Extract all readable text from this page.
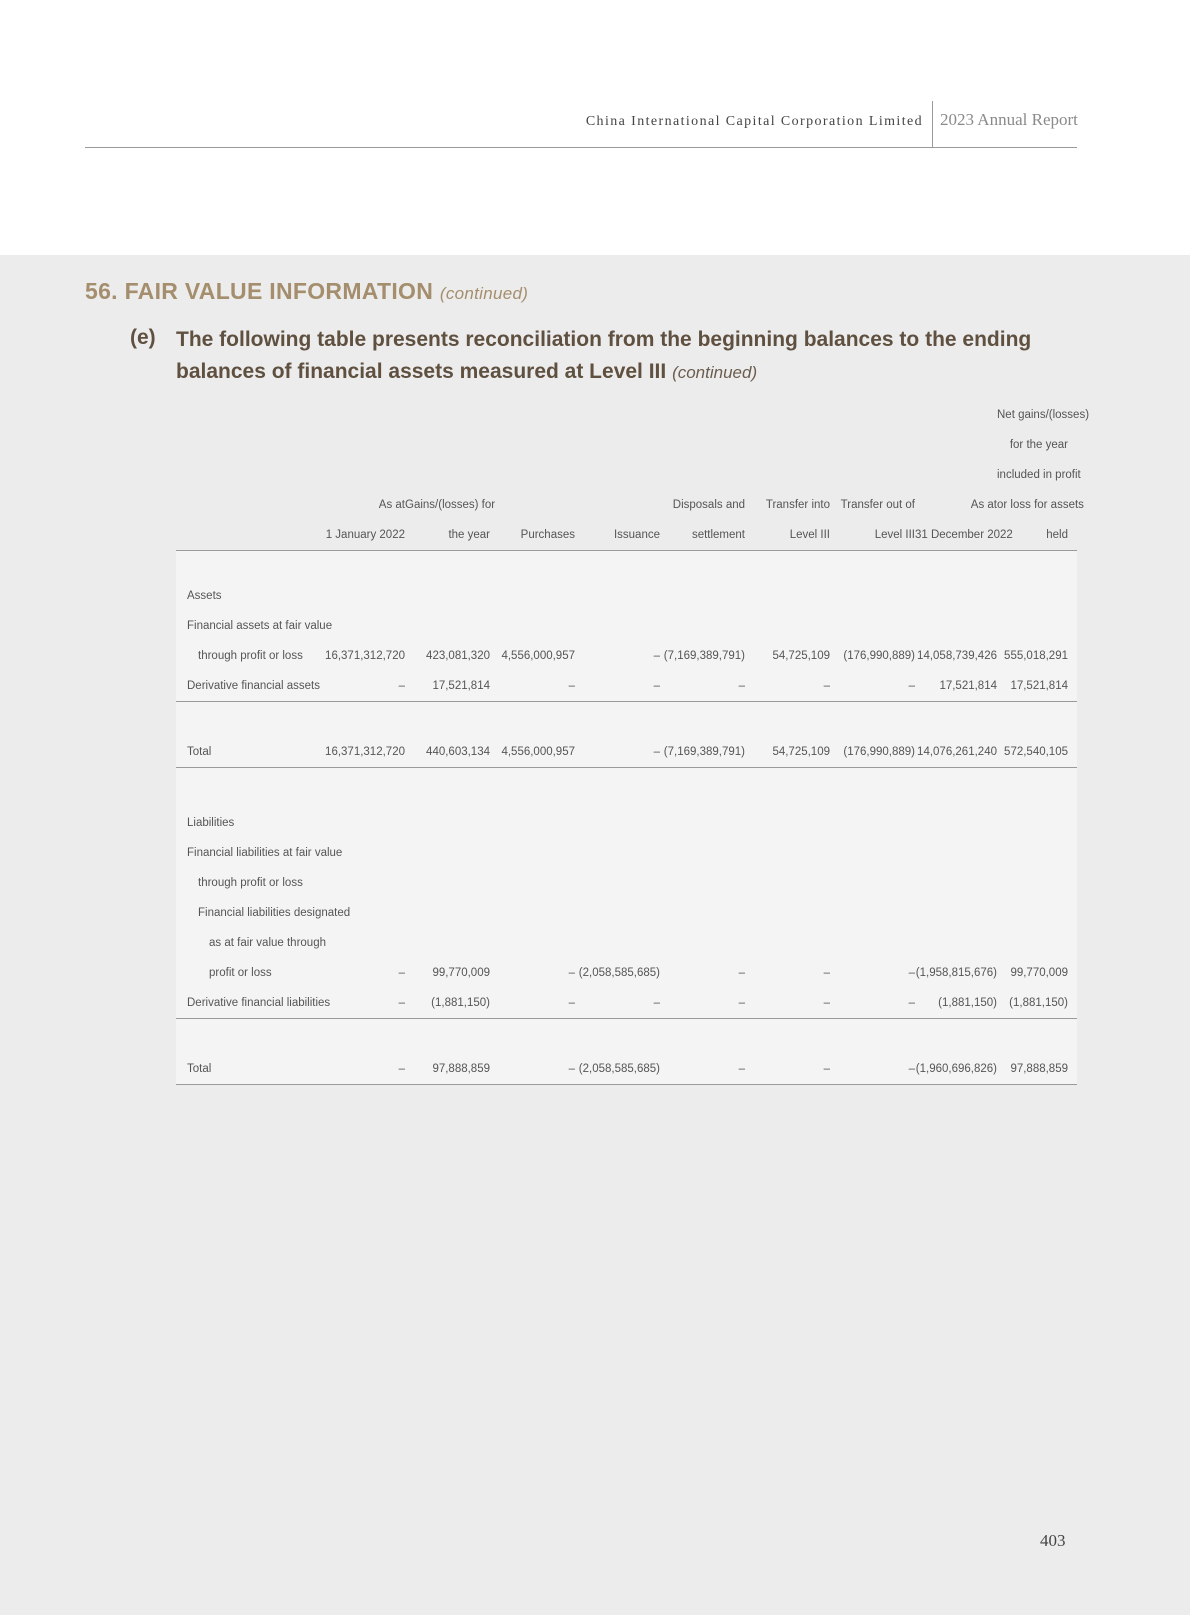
China International Capital Corporation Limited 2023 Annual Report
56. FAIR VALUE INFORMATION (continued)
(e) The following table presents reconciliation from the beginning balances to the ending balances of financial assets measured at Level III (continued)
									Net gains/(losses)
									for the year
									included in profit
	As at	Gains/(losses) for			Disposals and	Transfer into	Transfer out of	As at	or loss for assets
	1 January 2022	the year	Purchases	Issuance	settlement	Level III	Level III	31 December 2022	held

Assets									
Financial assets at fair value									
through profit or loss	16,371,312,720	423,081,320	4,556,000,957	–	(7,169,389,791)	54,725,109	(176,990,889)	14,058,739,426	555,018,291
Derivative financial assets	–	17,521,814	–	–	–	–	–	17,521,814	17,521,814

Total	16,371,312,720	440,603,134	4,556,000,957	–	(7,169,389,791)	54,725,109	(176,990,889)	14,076,261,240	572,540,105

Liabilities									
Financial liabilities at fair value									
through profit or loss									
Financial liabilities designated									
as at fair value through									
profit or loss	–	99,770,009	–	(2,058,585,685)	–	–	–	(1,958,815,676)	99,770,009
Derivative financial liabilities	–	(1,881,150)	–	–	–	–	–	(1,881,150)	(1,881,150)

Total	–	97,888,859	–	(2,058,585,685)	–	–	–	(1,960,696,826)	97,888,859
403
